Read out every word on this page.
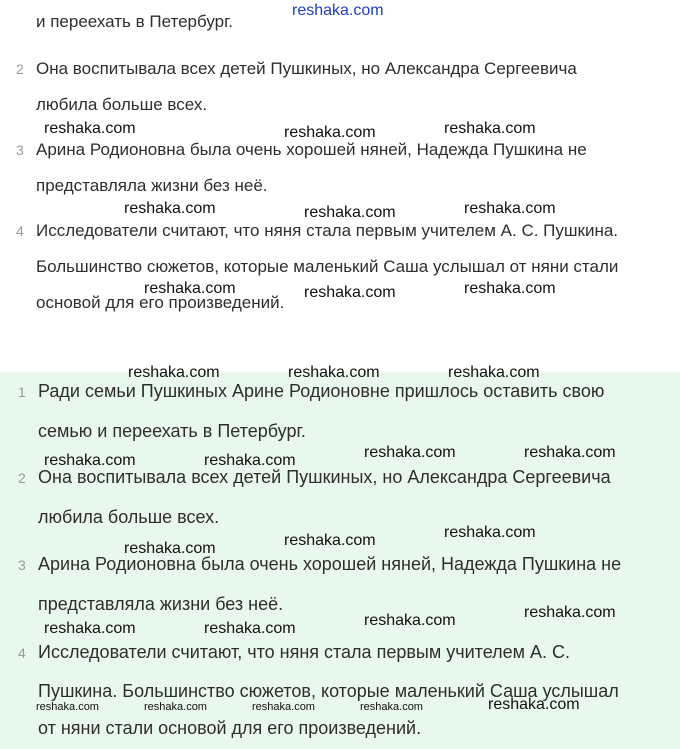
и переехать в Петербург.
2 Она воспитывала всех детей Пушкиных, но Александра Сергеевича
любила больше всех.
3 Арина Родионовна была очень хорошей няней, Надежда Пушкина не
представляла жизни без неё.
4 Исследователи считают, что няня стала первым учителем А. С. Пушкина.
Большинство сюжетов, которые маленький Саша услышал от няни стали
основой для его произведений.
1 Ради семьи Пушкиных Арине Родионовне пришлось оставить свою
семью и переехать в Петербург.
2 Она воспитывала всех детей Пушкиных, но Александра Сергеевича
любила больше всех.
3 Арина Родионовна была очень хорошей няней, Надежда Пушкина не
представляла жизни без неё.
4 Исследователи считают, что няня стала первым учителем А. С.
Пушкина. Большинство сюжетов, которые маленький Саша услышал
от няни стали основой для его произведений.
reshaka.com
reshaka.com	reshaka.com	reshaka.com
reshaka.com	reshaka.com	reshaka.com
reshaka.com	reshaka.com	reshaka.com
reshaka.com	reshaka.com	reshaka.com
reshaka.com	reshaka.com	reshaka.com	reshaka.com
reshaka.com	reshaka.com	reshaka.com
reshaka.com	reshaka.com	reshaka.com	reshaka.com
reshaka.com	reshaka.com	reshaka.com	reshaka.com	reshaka.com
